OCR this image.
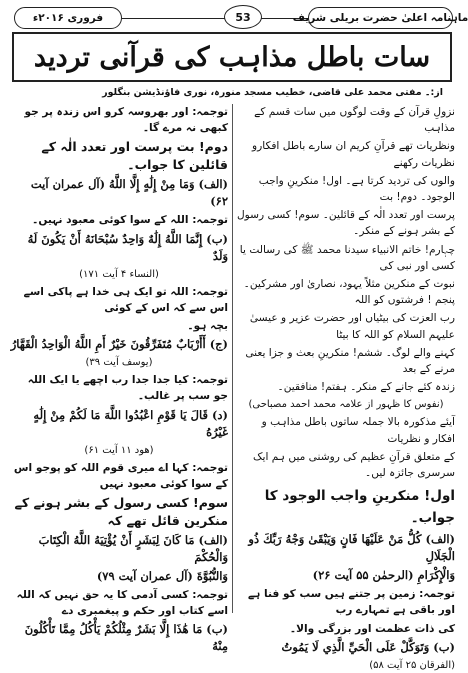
فروری ۲۰۱۶ء	53	ماہنامہ اعلیٰ حضرت بریلی شریف
سات باطل مذاہب کی قرآنی تردید
از:۔ مفتی محمد علی قاضی، خطیب مسجد منورہ، نوری فاؤنڈیشن بنگلور

نزولِ قرآن کے وقت لوگوں میں سات قسم کے مذاہب

ونظریات تھے قرآنِ کریم ان سارے باطل افکارو نظریات رکھنے

والوں کی تردید کرتا ہے۔ اول! منکرینِ واجب الوجود۔ دوم! بت

پرست اور تعدد الٰہ کے قائلین۔ سوم! کسی رسول کے بشر ہونے کے منکر۔

چہارم! خاتم الانبیاء سیدنا محمد ﷺ کی رسالت یا کسی اور نبی کی

نبوت کے منکرین مثلاً یہود، نصاریٰ اور مشرکین۔ پنجم ! فرشتوں کو اللہ

رب العزت کی بیٹیاں اور حضرت عزیر و عیسیٰ علیہم السلام کو اللہ کا بیٹا

کہنے والے لوگ۔ ششم! منکرینِ بعث و جزا یعنی مرنے کے بعد

زندہ کئے جانے کے منکر۔ ہفتم! منافقین۔

(نفوس کا ظہور از علامہ محمد احمد مصباحی)

آیئے مذکورہ بالا جملہ ساتوں باطل مذاہب و افکار و نظریات

کے متعلق قرآنِ عظیم کی روشنی میں ہم ایک سرسری جائزہ لیں۔

اول! منکرینِ واجب الوجود کا جواب۔

(الف) كُلُّ مَنْ عَلَيْهَا فَانٍ وَيَبْقَىٰ وَجْهُ رَبِّكَ ذُو الْجَلَالِ

وَالْإِكْرَامِ (الرحمٰن ۵۵ آیت ۲۶)

توجمہ: زمین پر جتنے ہیں سب کو فنا ہے اور باقی ہے تمہارے رب

کی ذات عظمت اور بزرگی والا۔

(ب) وَتَوَكَّلْ عَلَى الْحَيِّ الَّذِي لَا يَمُوتُ

(الفرقان ۲۵ آیت ۵۸)

توجمہ: اور بھروسہ کرو اس زندہ پر جو کبھی نہ مرے گا۔

دوم! بت پرست اور تعدد الٰہ کے قائلین کا جواب۔

(الف) وَمَا مِنْ إِلَٰهٍ إِلَّا اللَّهُ (آل عمران آیت ۶۲)

توجمہ: اللہ کے سوا کوئی معبود نہیں۔

(ب) إِنَّمَا اللَّهُ إِلَٰهٌ وَاحِدٌ سُبْحَانَهُ أَنْ يَكُونَ لَهُ وَلَدٌ

(النساء ۴ آیت ۱۷۱)

توجمہ: اللہ تو ایک ہی خدا ہے پاکی اسے اس سے کہ اس کے کوئی

بچہ ہو۔

(ج) أَأَرْبَابٌ مُتَفَرِّقُونَ خَيْرٌ أَمِ اللَّهُ الْوَاحِدُ الْقَهَّارُ

(یوسف آیت ۳۹)

توجمہ: کیا جدا جدا رب اچھے یا ایک اللہ جو سب پر غالب۔

(د) قَالَ يَا قَوْمِ اعْبُدُوا اللَّهَ مَا لَكُمْ مِنْ إِلَٰهٍ غَيْرُهُ

(ھود ۱۱ آیت ۶۱)

توجمہ: کہا اے میری قوم اللہ کو پوجو اس کے سوا کوئی معبود نہیں

سوم! کسی رسول کے بشر ہونے کے منکرین قائل تھے کہ

(الف) مَا كَانَ لِبَشَرٍ أَنْ يُؤْتِيَهُ اللَّهُ الْكِتَابَ وَالْحُكْمَ

وَالنُّبُوَّةَ (آل عمران آیت ۷۹)

توجمہ: کسی آدمی کا یہ حق نہیں کہ اللہ اسے کتاب اور حکم و پیغمبری دے

(ب) مَا هَٰذَا إِلَّا بَشَرٌ مِثْلُكُمْ يَأْكُلُ مِمَّا تَأْكُلُونَ مِنْهُ
